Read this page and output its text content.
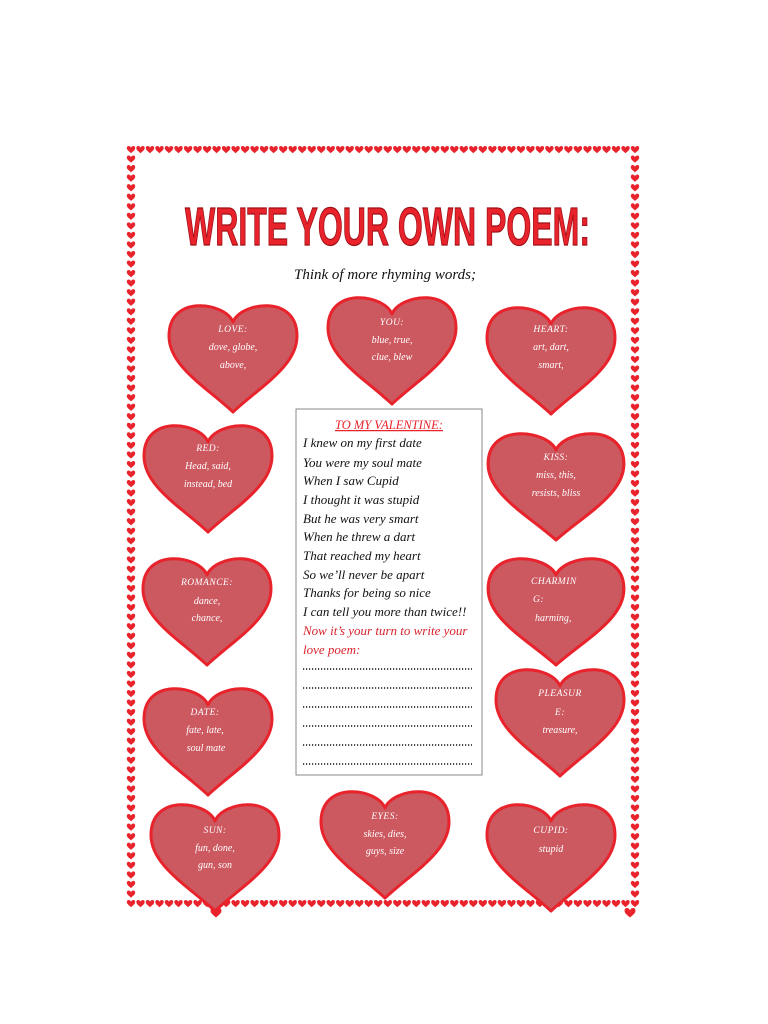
WRITE YOUR OWN POEM:
Think of more rhyming words;
LOVE:
dove, globe,
above,
YOU:
blue, true,
clue, blew
HEART:
art, dart,
smart,
RED:
Head, said,
instead, bed
KISS:
miss, this,
resists, bliss
ROMANCE:
dance,
chance,
CHARMIN
G:
harming,
DATE:
fate, late,
soul mate
PLEASUR
E:
treasure,
SUN:
fun, done,
gun, son
EYES:
skies, dies,
guys, size
CUPID:
stupid
TO MY VALENTINE:
I knew on my first date
You were my soul mate
When I saw Cupid
I thought it was stupid
But he was very smart
When he threw a dart
That reached my heart
So we’ll never be apart
Thanks for being so nice
I can tell you more than twice!!
Now it’s your turn to write your
love poem:
